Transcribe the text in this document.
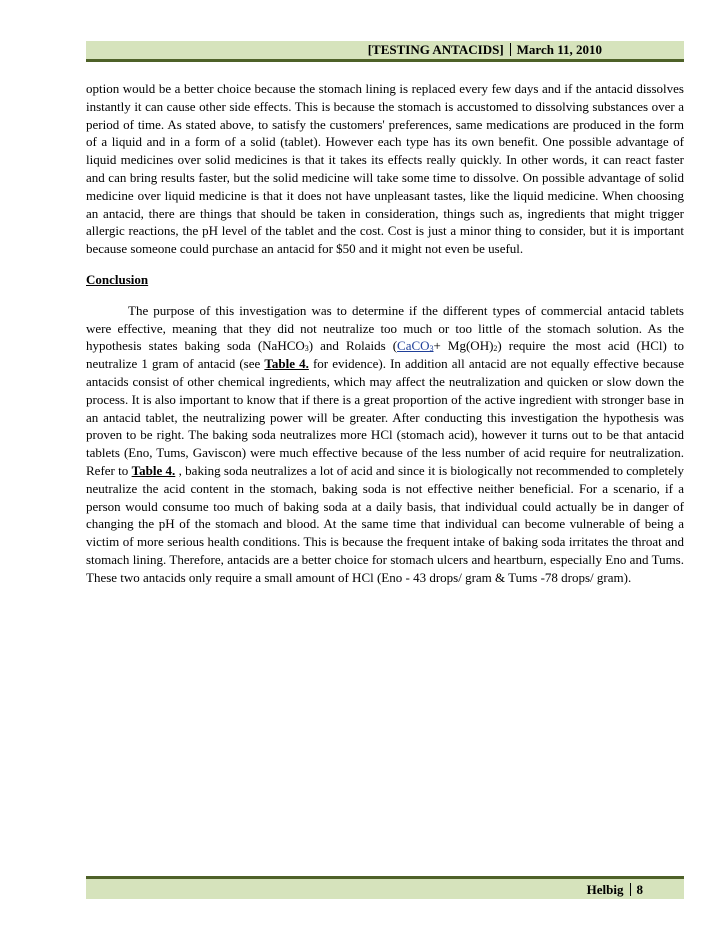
[TESTING ANTACIDS] March 11, 2010

option would be a better choice because the stomach lining is replaced every few days and if the antacid dissolves instantly it can cause other side effects. This is because the stomach is accustomed to dissolving substances over a period of time. As stated above, to satisfy the customers' preferences, same medications are produced in the form of a liquid and in a form of a solid (tablet). However each type has its own benefit. One possible advantage of liquid medicines over solid medicines is that it takes its effects really quickly. In other words, it can react faster and can bring results faster, but the solid medicine will take some time to dissolve. On possible advantage of solid medicine over liquid medicine is that it does not have unpleasant tastes, like the liquid medicine. When choosing an antacid, there are things that should be taken in consideration, things such as, ingredients that might trigger allergic reactions, the pH level of the tablet and the cost. Cost is just a minor thing to consider, but it is important because someone could purchase an antacid for $50 and it might not even be useful.

Conclusion

The purpose of this investigation was to determine if the different types of commercial antacid tablets were effective, meaning that they did not neutralize too much or too little of the stomach solution. As the hypothesis states baking soda (NaHCO$_3$) and Rolaids (CaCO$_3$+ $Mg(OH)_2$) require the most acid (HCl) to neutralize 1 gram of antacid (see Table 4. for evidence). In addition all antacid are not equally effective because antacids consist of other chemical ingredients, which may affect the neutralization and quicken or slow down the process. It is also important to know that if there is a great proportion of the active ingredient with stronger base in an antacid tablet, the neutralizing power will be greater. After conducting this investigation the hypothesis was proven to be right. The baking soda neutralizes more HCl (stomach acid), however it turns out to be that antacid tablets (Eno, Tums, Gaviscon) were much effective because of the less number of acid require for neutralization. Refer to Table 4. , baking soda neutralizes a lot of acid and since it is biologically not recommended to completely neutralize the acid content in the stomach, baking soda is not effective neither beneficial. For a scenario, if a person would consume too much of baking soda at a daily basis, that individual could actually be in danger of changing the pH of the stomach and blood. At the same time that individual can become vulnerable of being a victim of more serious health conditions. This is because the frequent intake of baking soda irritates the throat and stomach lining. Therefore, antacids are a better choice for stomach ulcers and heartburn, especially Eno and Tums. These two antacids only require a small amount of HCl (Eno - 43 drops/ gram & Tums -78 drops/ gram).

Helbig 8
